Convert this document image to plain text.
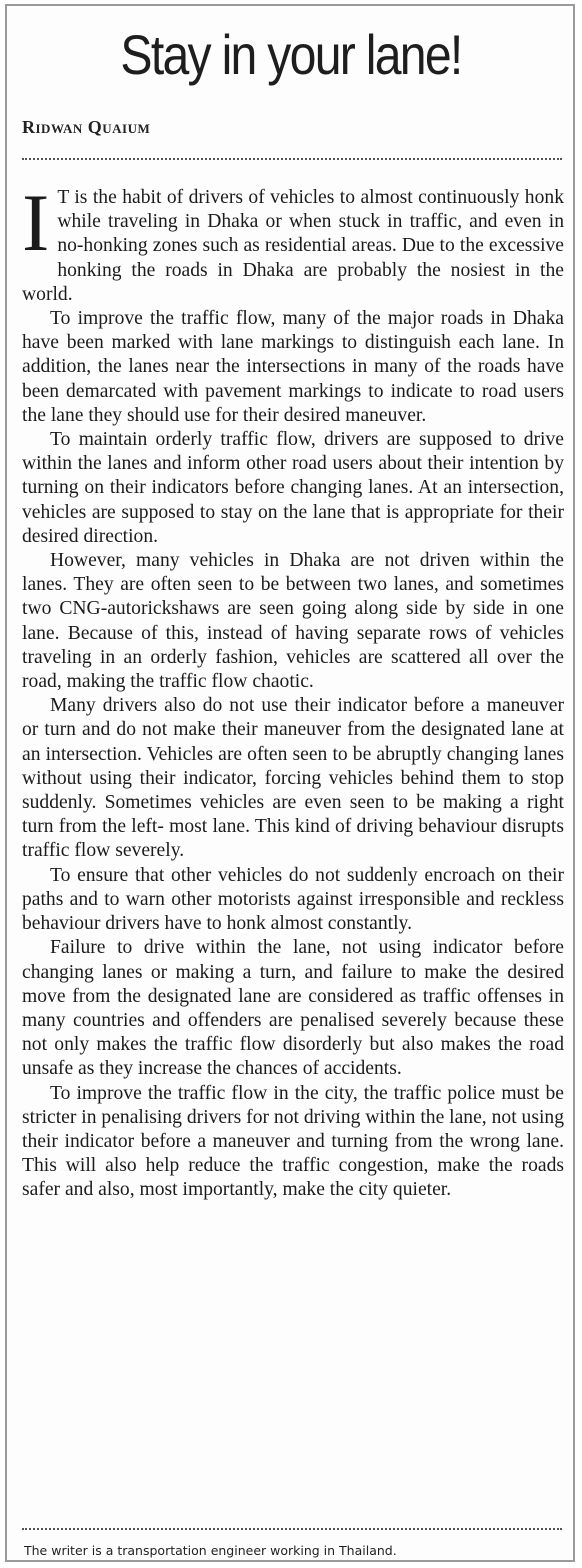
Stay in your lane!
Ridwan Quaium

I T is the habit of drivers of vehicles to almost continuously honk while traveling in Dhaka or when stuck in traffic, and even in no-honking zones such as residential areas. Due to the excessive honking the roads in Dhaka are probably the nosiest in the world.

To improve the traffic flow, many of the major roads in Dhaka have been marked with lane markings to distinguish each lane. In addition, the lanes near the intersections in many of the roads have been demarcated with pavement markings to indicate to road users the lane they should use for their desired maneuver.

To maintain orderly traffic flow, drivers are supposed to drive within the lanes and inform other road users about their intention by turning on their indicators before changing lanes. At an intersection, vehicles are supposed to stay on the lane that is appropriate for their desired direction.

However, many vehicles in Dhaka are not driven within the lanes. They are often seen to be between two lanes, and sometimes two CNG-autorickshaws are seen going along side by side in one lane. Because of this, instead of having separate rows of vehicles traveling in an orderly fashion, vehicles are scattered all over the road, making the traffic flow chaotic.

Many drivers also do not use their indicator before a maneuver or turn and do not make their maneuver from the designated lane at an intersection. Vehicles are often seen to be abruptly changing lanes without using their indicator, forcing vehicles behind them to stop suddenly. Sometimes vehicles are even seen to be making a right turn from the left- most lane. This kind of driving behaviour disrupts traffic flow severely.

To ensure that other vehicles do not suddenly encroach on their paths and to warn other motorists against irresponsible and reckless behaviour drivers have to honk almost constantly.

Failure to drive within the lane, not using indicator before changing lanes or making a turn, and failure to make the desired move from the designated lane are considered as traffic offenses in many countries and offenders are penalised severely because these not only makes the traffic flow disorderly but also makes the road unsafe as they increase the chances of accidents.

To improve the traffic flow in the city, the traffic police must be stricter in penalising drivers for not driving within the lane, not using their indicator before a maneuver and turning from the wrong lane. This will also help reduce the traffic congestion, make the roads safer and also, most importantly, make the city quieter.

The writer is a transportation engineer working in Thailand.
